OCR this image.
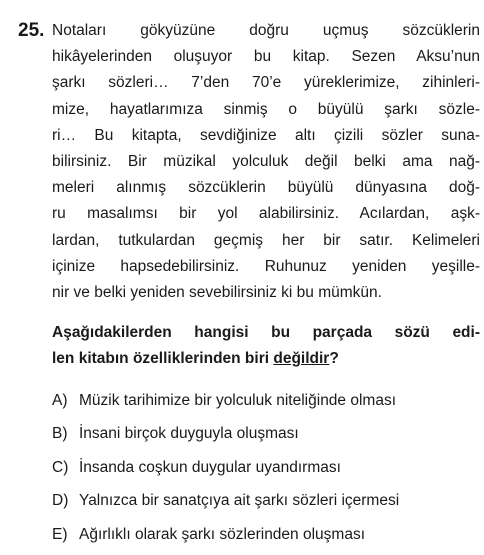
25. Notaları gökyüzüne doğru uçmuş sözcüklerin
hikâyelerinden oluşuyor bu kitap. Sezen Aksu’nun
şarkı sözleri… 7’den 70’e yüreklerimize, zihinleri-
mize, hayatlarımıza sinmiş o büyülü şarkı sözle-
ri… Bu kitapta, sevdiğinize altı çizili sözler suna-
bilirsiniz. Bir müzikal yolculuk değil belki ama nağ-
meleri alınmış sözcüklerin büyülü dünyasına doğ-
ru masalımsı bir yol alabilirsiniz. Acılardan, aşk-
lardan, tutkulardan geçmiş her bir satır. Kelimeleri
içinize hapsedebilirsiniz. Ruhunuz yeniden yeşille-
nir ve belki yeniden sevebilirsiniz ki bu mümkün.
Aşağıdakilerden hangisi bu parçada sözü edi-
len kitabın özelliklerinden biri değildir?
A) Müzik tarihimize bir yolculuk niteliğinde olması
B) İnsani birçok duyguyla oluşması
C) İnsanda coşkun duygular uyandırması
D) Yalnızca bir sanatçıya ait şarkı sözleri içermesi
E) Ağırlıklı olarak şarkı sözlerinden oluşması
